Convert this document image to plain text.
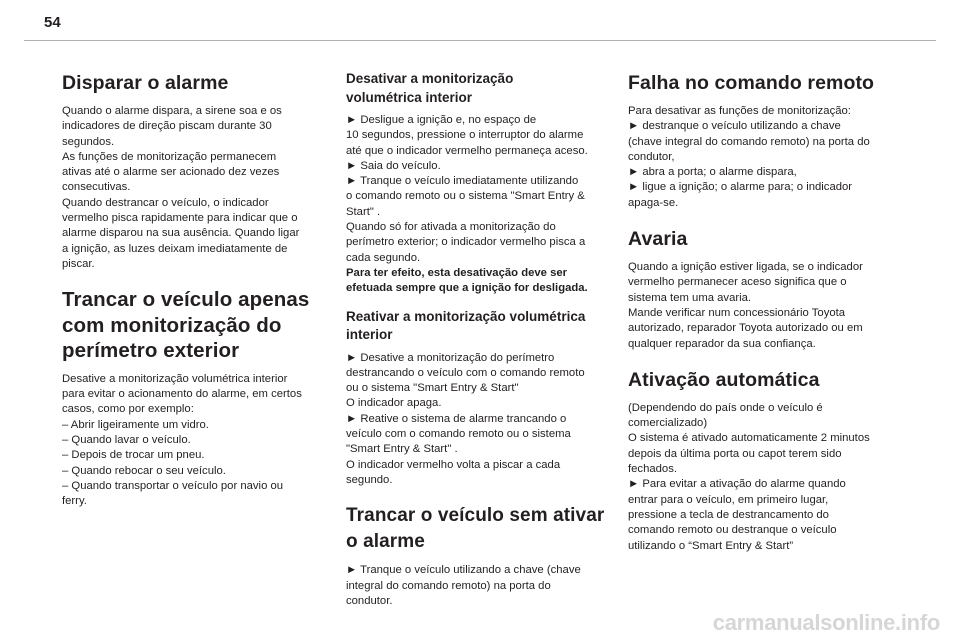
54
Disparar o alarme

Quando o alarme dispara, a sirene soa e os
indicadores de direção piscam durante 30
segundos.
As funções de monitorização permanecem
ativas até o alarme ser acionado dez vezes
consecutivas.
Quando destrancar o veículo, o indicador
vermelho pisca rapidamente para indicar que o
alarme disparou na sua ausência. Quando ligar
a ignição, as luzes deixam imediatamente de
piscar.

Trancar o veículo apenas
com monitorização do
perímetro exterior

Desative a monitorização volumétrica interior
para evitar o acionamento do alarme, em certos
casos, como por exemplo:
– Abrir ligeiramente um vidro.
– Quando lavar o veículo.
– Depois de trocar um pneu.
– Quando rebocar o seu veículo.
– Quando transportar o veículo por navio ou
ferry.

Desativar a monitorização
volumétrica interior

► Desligue a ignição e, no espaço de
10 segundos, pressione o interruptor do alarme
até que o indicador vermelho permaneça aceso.
► Saia do veículo.
► Tranque o veículo imediatamente utilizando
o comando remoto ou o sistema "Smart Entry &
Start" .
Quando só for ativada a monitorização do
perímetro exterior; o indicador vermelho pisca a
cada segundo.

Para ter efeito, esta desativação deve ser
efetuada sempre que a ignição for desligada.

Reativar a monitorização volumétrica
interior

► Desative a monitorização do perímetro
destrancando o veículo com o comando remoto
ou o sistema "Smart Entry & Start"
O indicador apaga.
► Reative o sistema de alarme trancando o
veículo com o comando remoto ou o sistema
"Smart Entry & Start" .
O indicador vermelho volta a piscar a cada
segundo.

Trancar o veículo sem ativar
o alarme

► Tranque o veículo utilizando a chave (chave
integral do comando remoto) na porta do
condutor.

Falha no comando remoto

Para desativar as funções de monitorização:
► destranque o veículo utilizando a chave
(chave integral do comando remoto) na porta do
condutor,
► abra a porta; o alarme dispara,
► ligue a ignição; o alarme para; o indicador
apaga-se.

Avaria

Quando a ignição estiver ligada, se o indicador
vermelho permanecer aceso significa que o
sistema tem uma avaria.
Mande verificar num concessionário Toyota
autorizado, reparador Toyota autorizado ou em
qualquer reparador da sua confiança.

Ativação automática

(Dependendo do país onde o veículo é
comercializado)
O sistema é ativado automaticamente 2 minutos
depois da última porta ou capot terem sido
fechados.
► Para evitar a ativação do alarme quando
entrar para o veículo, em primeiro lugar,
pressione a tecla de destrancamento do
comando remoto ou destranque o veículo
utilizando o “Smart Entry & Start”

carmanualsonline.info
